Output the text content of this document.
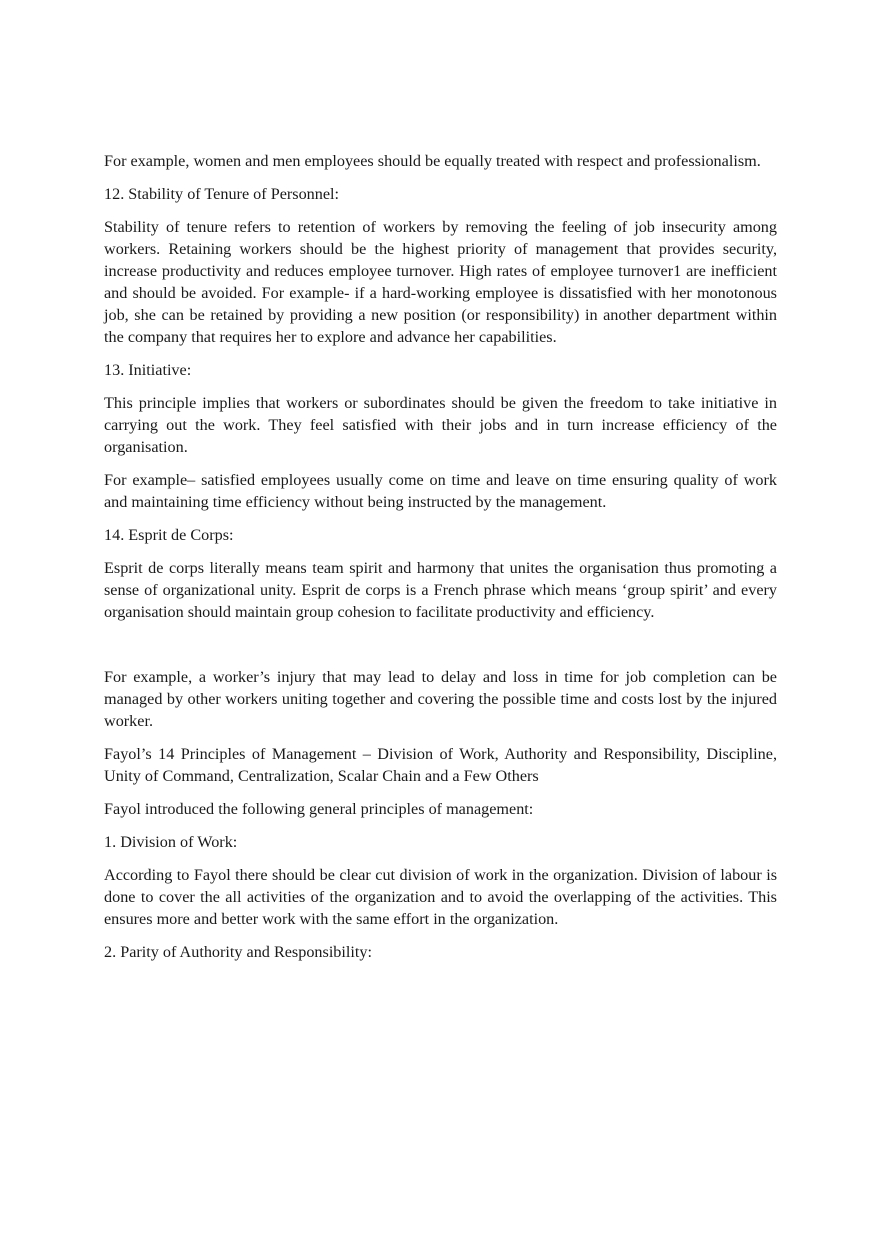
For example, women and men employees should be equally treated with respect and professionalism.

12. Stability of Tenure of Personnel:

Stability of tenure refers to retention of workers by removing the feeling of job insecurity among workers. Retaining workers should be the highest priority of management that provides security, increase productivity and reduces employee turnover. High rates of employee turnover1 are inefficient and should be avoided. For example- if a hard-working employee is dissatisfied with her monotonous job, she can be retained by providing a new position (or responsibility) in another department within the company that requires her to explore and advance her capabilities.

13. Initiative:

This principle implies that workers or subordinates should be given the freedom to take initiative in carrying out the work. They feel satisfied with their jobs and in turn increase efficiency of the organisation.

For example– satisfied employees usually come on time and leave on time ensuring quality of work and maintaining time efficiency without being instructed by the management.

14. Esprit de Corps:

Esprit de corps literally means team spirit and harmony that unites the organisation thus promoting a sense of organizational unity. Esprit de corps is a French phrase which means ‘group spirit’ and every organisation should maintain group cohesion to facilitate productivity and efficiency.

For example, a worker’s injury that may lead to delay and loss in time for job completion can be managed by other workers uniting together and covering the possible time and costs lost by the injured worker.

Fayol’s 14 Principles of Management – Division of Work, Authority and Responsibility, Discipline, Unity of Command, Centralization, Scalar Chain and a Few Others

Fayol introduced the following general principles of management:

1. Division of Work:

According to Fayol there should be clear cut division of work in the organization. Division of labour is done to cover the all activities of the organization and to avoid the overlapping of the activities. This ensures more and better work with the same effort in the organization.

2. Parity of Authority and Responsibility:
